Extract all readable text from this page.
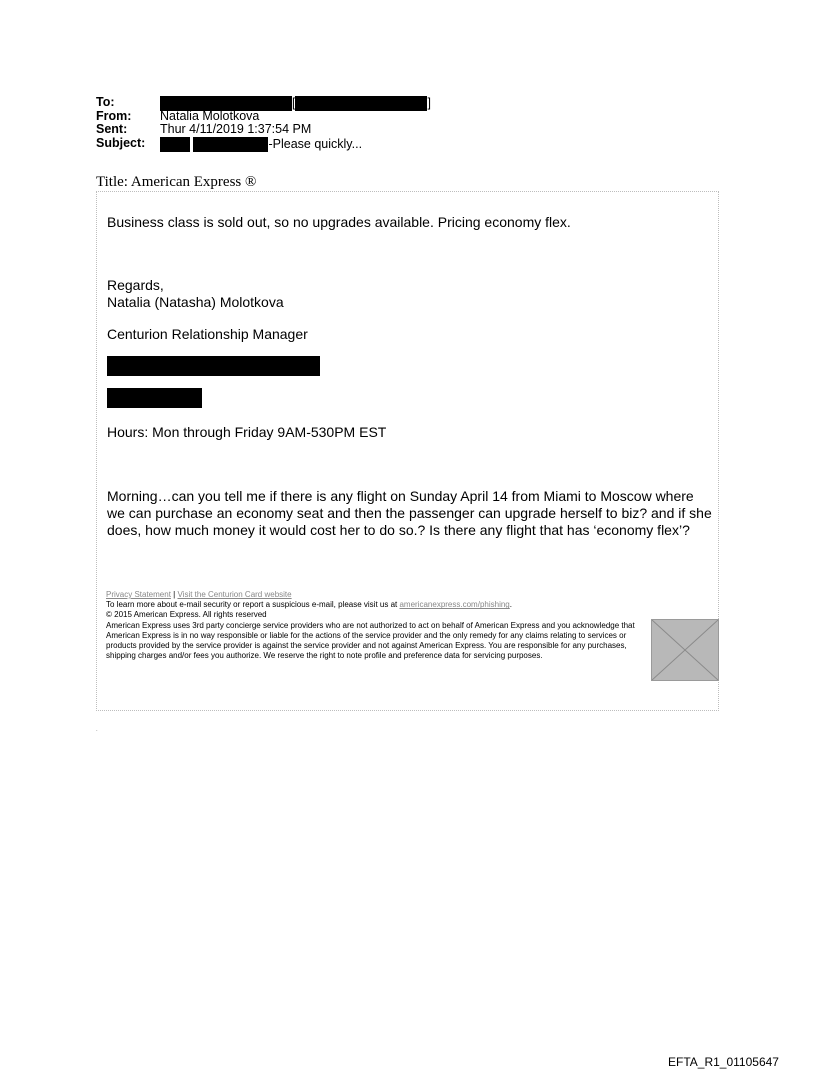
To:	[	]
From: Natalia Molotkova
Sent:	Thur 4/11/2019 1:37:54 PM
Subject:	-Please quickly...
Title: American Express ®
Business class is sold out, so no upgrades available. Pricing economy flex.
Regards,
Natalia (Natasha) Molotkova
Centurion Relationship Manager
Hours: Mon through Friday 9AM-530PM EST
Morning…can you tell me if there is any flight on Sunday April 14 from Miami to Moscow where we can purchase an economy seat and then the passenger can upgrade herself to biz? and if she does, how much money it would cost her to do so.? Is there any flight that has ‘economy flex’?
Privacy Statement | Visit the Centurion Card website
To learn more about e-mail security or report a suspicious e-mail, please visit us at americanexpress.com/phishing.
© 2015 American Express. All rights reserved
American Express uses 3rd party concierge service providers who are not authorized to act on behalf of American Express and you acknowledge that American Express is in no way responsible or liable for the actions of the service provider and the only remedy for any claims relating to services or products provided by the service provider is against the service provider and not against American Express. You are responsible for any purchases, shipping charges and/or fees you authorize. We reserve the right to note profile and preference data for servicing purposes.
.
EFTA_R1_01105647
